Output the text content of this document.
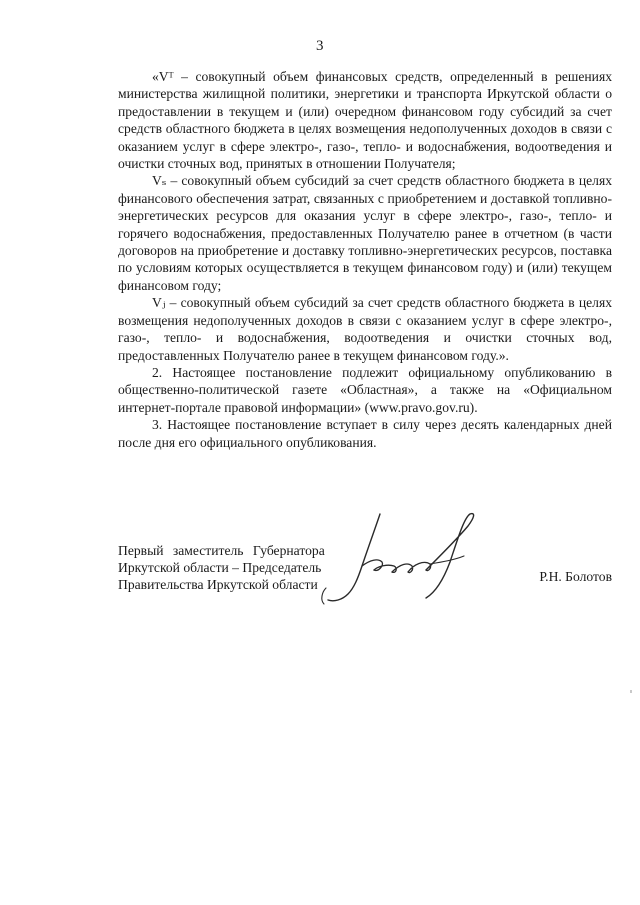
3

«Vᵀ – совокупный объем финансовых средств, определенный в решениях министерства жилищной политики, энергетики и транспорта Иркутской области о предоставлении в текущем и (или) очередном финансовом году субсидий за счет средств областного бюджета в целях возмещения недополученных доходов в связи с оказанием услуг в сфере электро-, газо-, тепло- и водоснабжения, водоотведения и очистки сточных вод, принятых в отношении Получателя;

Vₛ – совокупный объем субсидий за счет средств областного бюджета в целях финансового обеспечения затрат, связанных с приобретением и доставкой топливно-энергетических ресурсов для оказания услуг в сфере электро-, газо-, тепло- и горячего водоснабжения, предоставленных Получателю ранее в отчетном (в части договоров на приобретение и доставку топливно-энергетических ресурсов, поставка по условиям которых осуществляется в текущем финансовом году) и (или) текущем финансовом году;

Vⱼ – совокупный объем субсидий за счет средств областного бюджета в целях возмещения недополученных доходов в связи с оказанием услуг в сфере электро-, газо-, тепло- и водоснабжения, водоотведения и очистки сточных вод, предоставленных Получателю ранее в текущем финансовом году.».

2. Настоящее постановление подлежит официальному опубликованию в общественно-политической газете «Областная», а также на «Официальном интернет-портале правовой информации» (www.pravo.gov.ru).

3. Настоящее постановление вступает в силу через десять календарных дней после дня его официального опубликования.

Первый заместитель Губернатора
Иркутской области – Председатель
Правительства Иркутской области
Р.Н. Болотов
